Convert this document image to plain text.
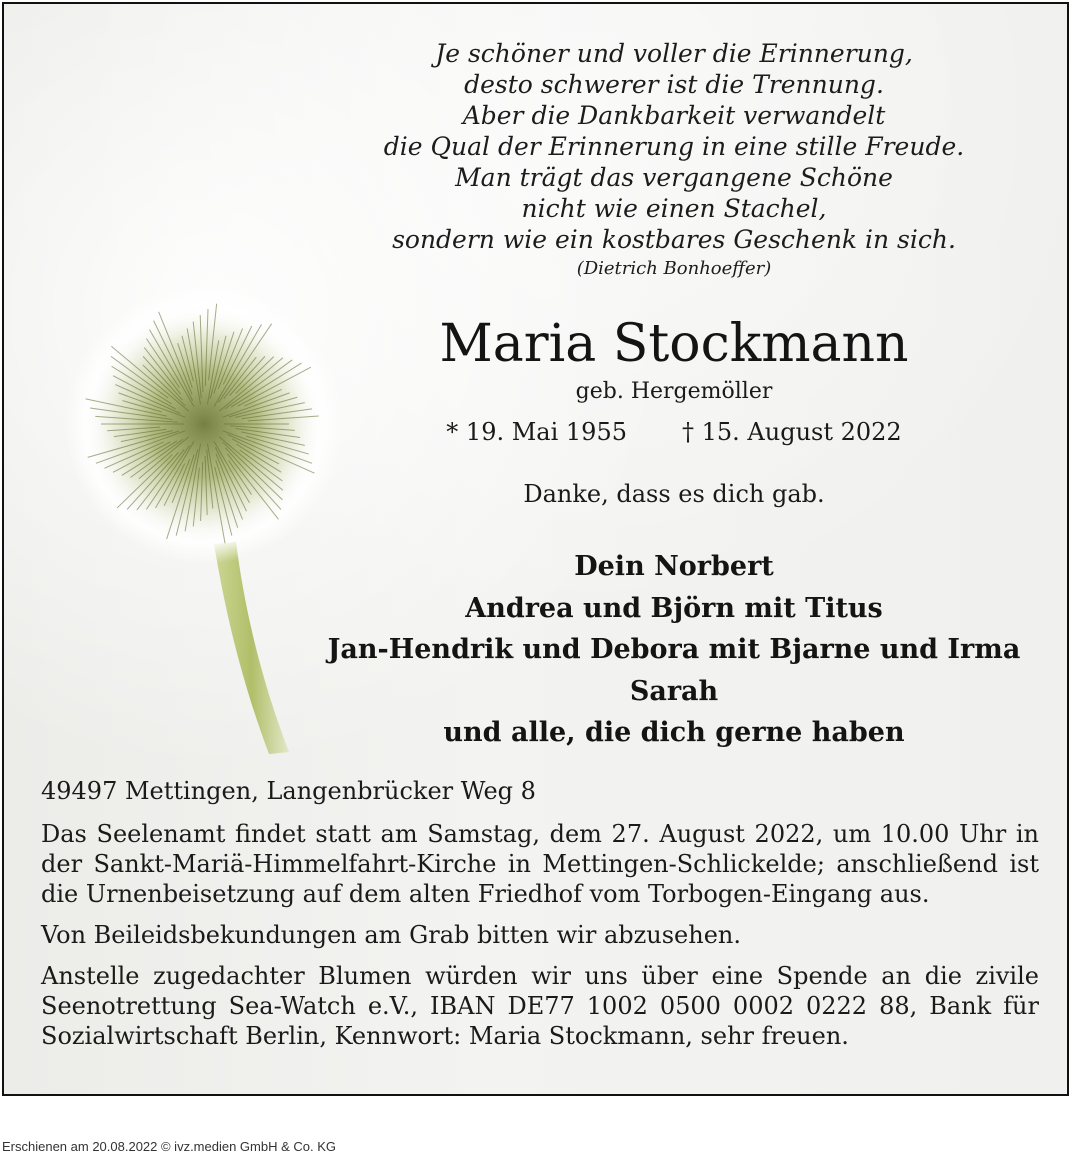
Je schöner und voller die Erinnerung,
desto schwerer ist die Trennung.
Aber die Dankbarkeit verwandelt
die Qual der Erinnerung in eine stille Freude.
Man trägt das vergangene Schöne
nicht wie einen Stachel,
sondern wie ein kostbares Geschenk in sich.
(Dietrich Bonhoeffer)
Maria Stockmann
geb. Hergemöller
* 19. Mai 1955 † 15. August 2022
Danke, dass es dich gab.
Dein Norbert
Andrea und Björn mit Titus
Jan-Hendrik und Debora mit Bjarne und Irma
Sarah
und alle, die dich gerne haben

49497 Mettingen, Langenbrücker Weg 8

Das Seelenamt findet statt am Samstag, dem 27. August 2022, um 10.00 Uhr in der Sankt-Mariä-Himmelfahrt-Kirche in Mettingen-Schlickelde; anschließend ist die Urnenbeisetzung auf dem alten Friedhof vom Torbogen-Eingang aus.

Von Beileidsbekundungen am Grab bitten wir abzusehen.

Anstelle zugedachter Blumen würden wir uns über eine Spende an die zivile Seenotrettung Sea-Watch e.V., IBAN DE77 1002 0500 0002 0222 88, Bank für Sozialwirtschaft Berlin, Kennwort: Maria Stockmann, sehr freuen.

Erschienen am 20.08.2022 © ivz.medien GmbH & Co. KG
